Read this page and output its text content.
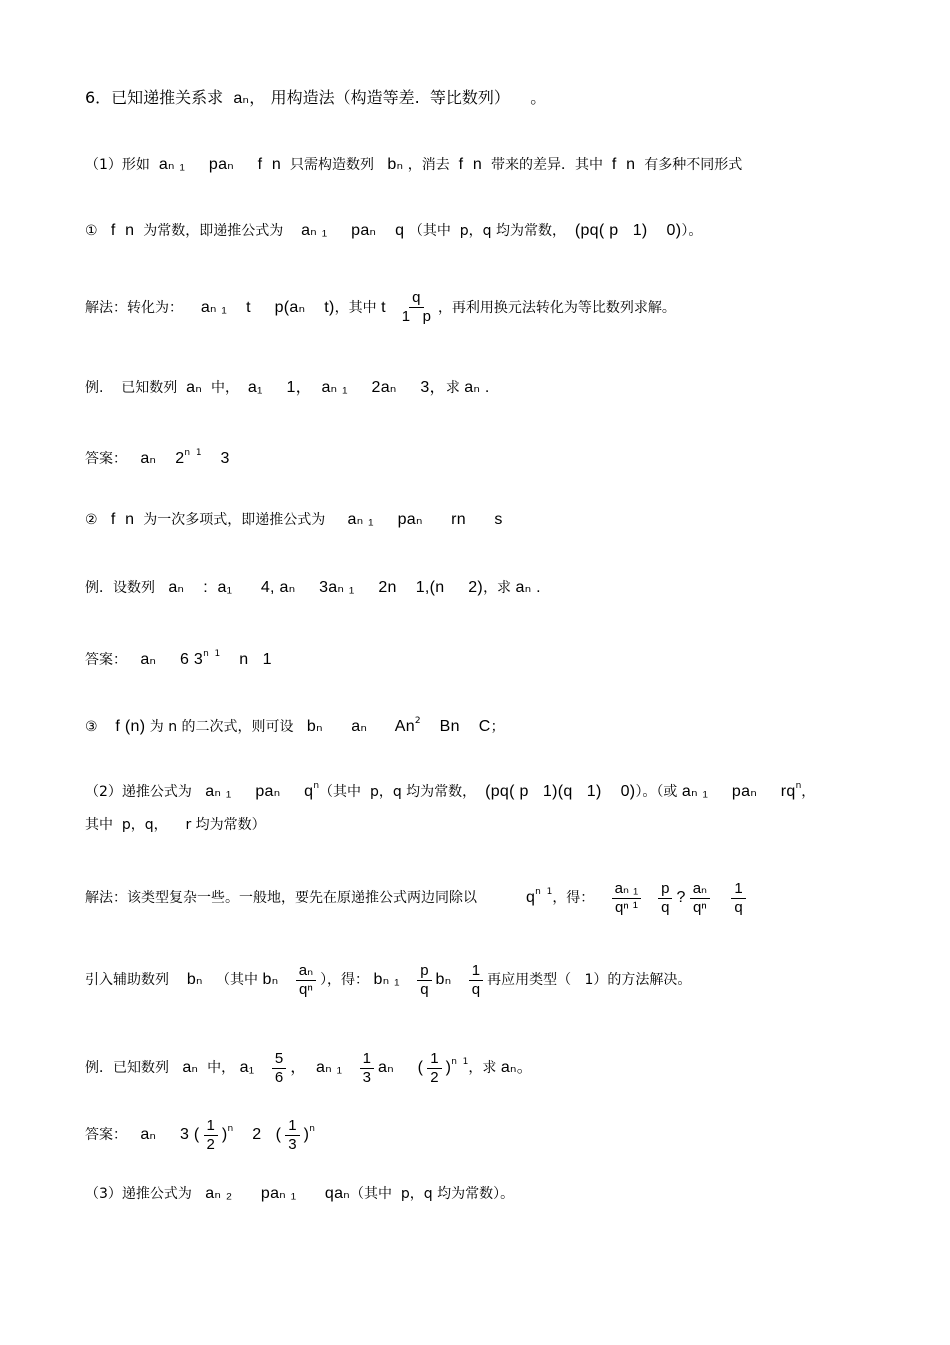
6．已知递推关系求 aₙ， 用构造法（构造等差.  等比数列）    。
（1）形如 aₙ ₁     paₙ     f  n 只需构造数列 bₙ ，消去 f  n 带来的差异．其中 f  n 有多种不同形式
① f  n 为常数，即递推公式为 aₙ ₁     paₙ    q （其中  p，q 均为常数， (pq( p   1)    0)）。
解法：转化为： aₙ ₁    t     p(aₙ    t)，其中 t $\frac{q}{1 p}$ ，再利用换元法转化为等比数列求解。
例.    已知数列 aₙ 中， a₁     1，  aₙ ₁     2aₙ     3，求 aₙ .
答案： aₙ    $2^{n 1}$    3
② f  n 为一次多项式，即递推公式为 aₙ ₁     paₙ      rn      s
例．设数列 aₙ    :  a₁      4, aₙ     3aₙ ₁     2n    1,(n     2)，求 aₙ .
答案： aₙ     6 $3^{n 1}$    n   1
③ f (n) 为 n 的二次式，则可设 bₙ      aₙ      An$^2$    Bn    C；
（2）递推公式为 aₙ ₁     paₙ     $q^n$（其中  p，q 均为常数， (pq( p   1)(q   1)    0)）。（或 aₙ ₁     paₙ     $rq^n$，
其中  p，q，    r 均为常数）
解法：该类型复杂一些。一般地，要先在原递推公式两边同除以	$q^{n 1}$，得： $\frac{\text{aₙ ₁}}{\text{qⁿ ¹}}$
$\frac{p}{q}$ ? $\frac{\text{aₙ}}{\text{qⁿ}}$
$\frac{1}{q}$
引入辅助数列 bₙ （其中 bₙ $\frac{\text{aₙ}}{\text{qⁿ}}$ ），得： bₙ $_1 \frac{p}{q}$ bₙ $\frac{1}{q}$ 再应用类型（   1）的方法解决。
例．已知数列 aₙ 中， $a_1 \frac{5}{6}$ ，  aₙ $_1 \frac{1}{3}$ aₙ     ( $\frac{1}{2} )^{n 1}$，求 aₙ。
答案： aₙ     3 ( $\frac{1}{2} )^n$    2   ( $\frac{1}{3} )^n$
（3）递推公式为 aₙ ₂      paₙ ₁      qaₙ（其中  p，q 均为常数）。
